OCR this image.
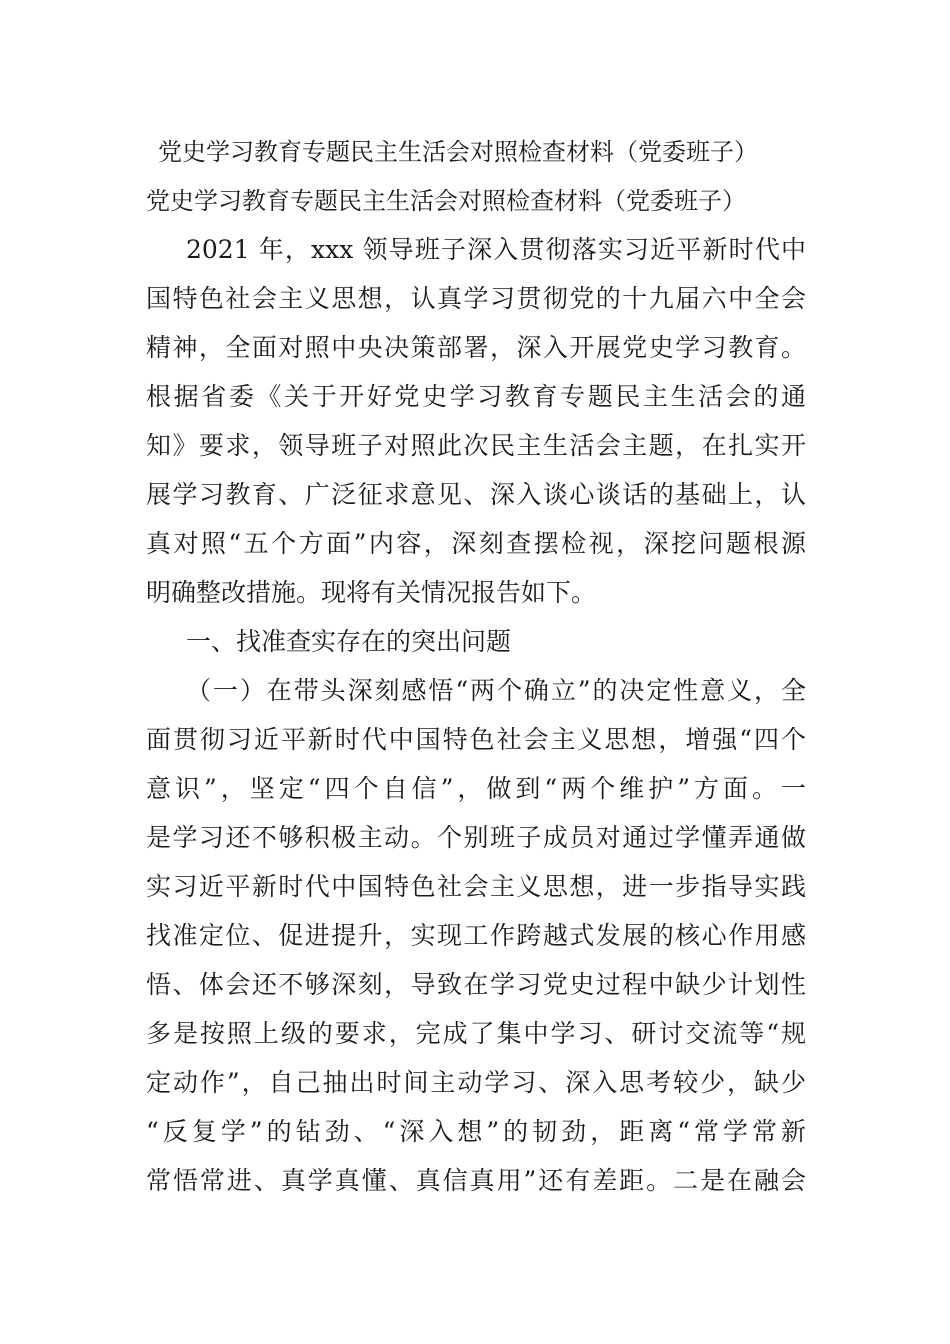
党史学习教育专题民主生活会对照检查材料（党委班子）
党史学习教育专题民主生活会对照检查材料（党委班子）
2021 年，xxx 领导班子深入贯彻落实习近平新时代中
国特色社会主义思想，认真学习贯彻党的十九届六中全会
精神，全面对照中央决策部署，深入开展党史学习教育。
根据省委《关于开好党史学习教育专题民主生活会的通
知》要求，领导班子对照此次民主生活会主题，在扎实开
展学习教育、广泛征求意见、深入谈心谈话的基础上，认
真对照“五个方面”内容，深刻查摆检视，深挖问题根源
明确整改措施。现将有关情况报告如下。
一、找准查实存在的突出问题
（一）在带头深刻感悟“两个确立”的决定性意义，全
面贯彻习近平新时代中国特色社会主义思想，增强“四个
意识”，坚定“四个自信”，做到“两个维护”方面。一
是学习还不够积极主动。个别班子成员对通过学懂弄通做
实习近平新时代中国特色社会主义思想，进一步指导实践
找准定位、促进提升，实现工作跨越式发展的核心作用感
悟、体会还不够深刻，导致在学习党史过程中缺少计划性
多是按照上级的要求，完成了集中学习、研讨交流等“规
定动作”，自己抽出时间主动学习、深入思考较少，缺少
“反复学”的钻劲、“深入想”的韧劲，距离“常学常新
常悟常进、真学真懂、真信真用”还有差距。二是在融会
